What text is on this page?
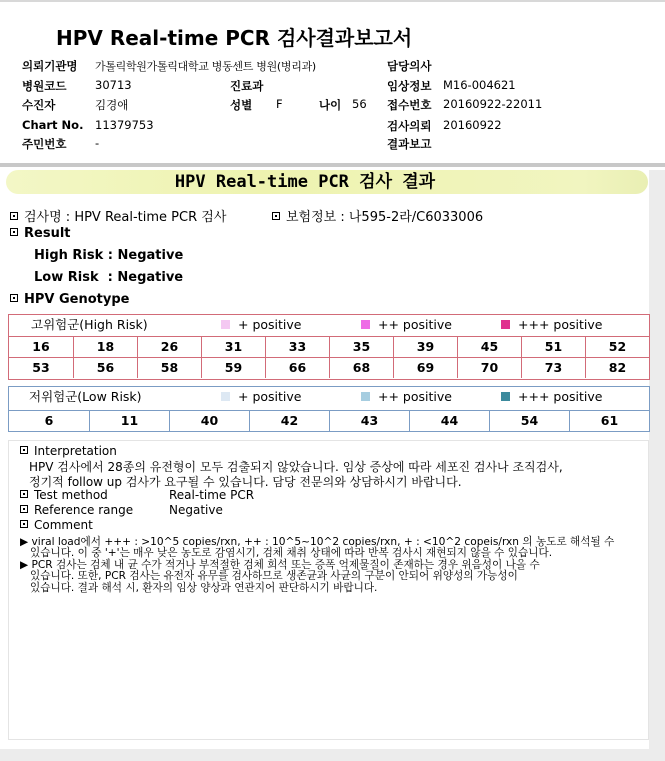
HPV Real-time PCR 검사결과보고서
의뢰기관명 가톨릭학원가톨릭대학교 병동센트 병원(병리과)	담당의사
병원코드 30713	진료과	임상정보 M16-004621
수진자	김경애	성별 F	나이 56 접수번호 20160922-22011
Chart No. 11379753	검사의뢰 20160922
주민번호 -	결과보고
HPV Real-time PCR 검사 결과
검사명 : HPV Real-time PCR 검사	보험정보 : 나595-2라/C6033006
Result
High Risk : Negative
Low Risk  : Negative
HPV Genotype
고위험군(High Risk)	+ positive	++ positive	+++ positive
16	18	26	31	33	35	39	45	51	52
53	56	58	59	66	68	69	70	73	82
저위험군(Low Risk)	+ positive	++ positive	+++ positive
6	11	40	42	43	44	54	61
Interpretation
HPV 검사에서 28종의 유전형이 모두 검출되지 않았습니다. 임상 증상에 따라 세포진 검사나 조직검사,
정기적 follow up 검사가 요구될 수 있습니다. 담당 전문의와 상담하시기 바랍니다.
Test method	Real-time PCR
Reference range	Negative
Comment
▶ viral load에서 +++ : >10^5 copies/rxn, ++ : 10^5~10^2 copies/rxn, + : <10^2 copeis/rxn 의 농도로 해석될 수
있습니다. 이 중 '+'는 매우 낮은 농도로 감염시기, 검체 채취 상태에 따라 반복 검사시 재현되지 않을 수 있습니다.
▶ PCR 검사는 검체 내 균 수가 적거나 부적절한 검체 희석 또는 증폭 억제물질이 존재하는 경우 위음성이 나올 수
있습니다. 또한, PCR 검사는 유전자 유무를 검사하므로 생존균과 사균의 구분이 안되어 위양성의 가능성이
있습니다. 결과 해석 시, 환자의 임상 양상과 연관지어 판단하시기 바랍니다.
